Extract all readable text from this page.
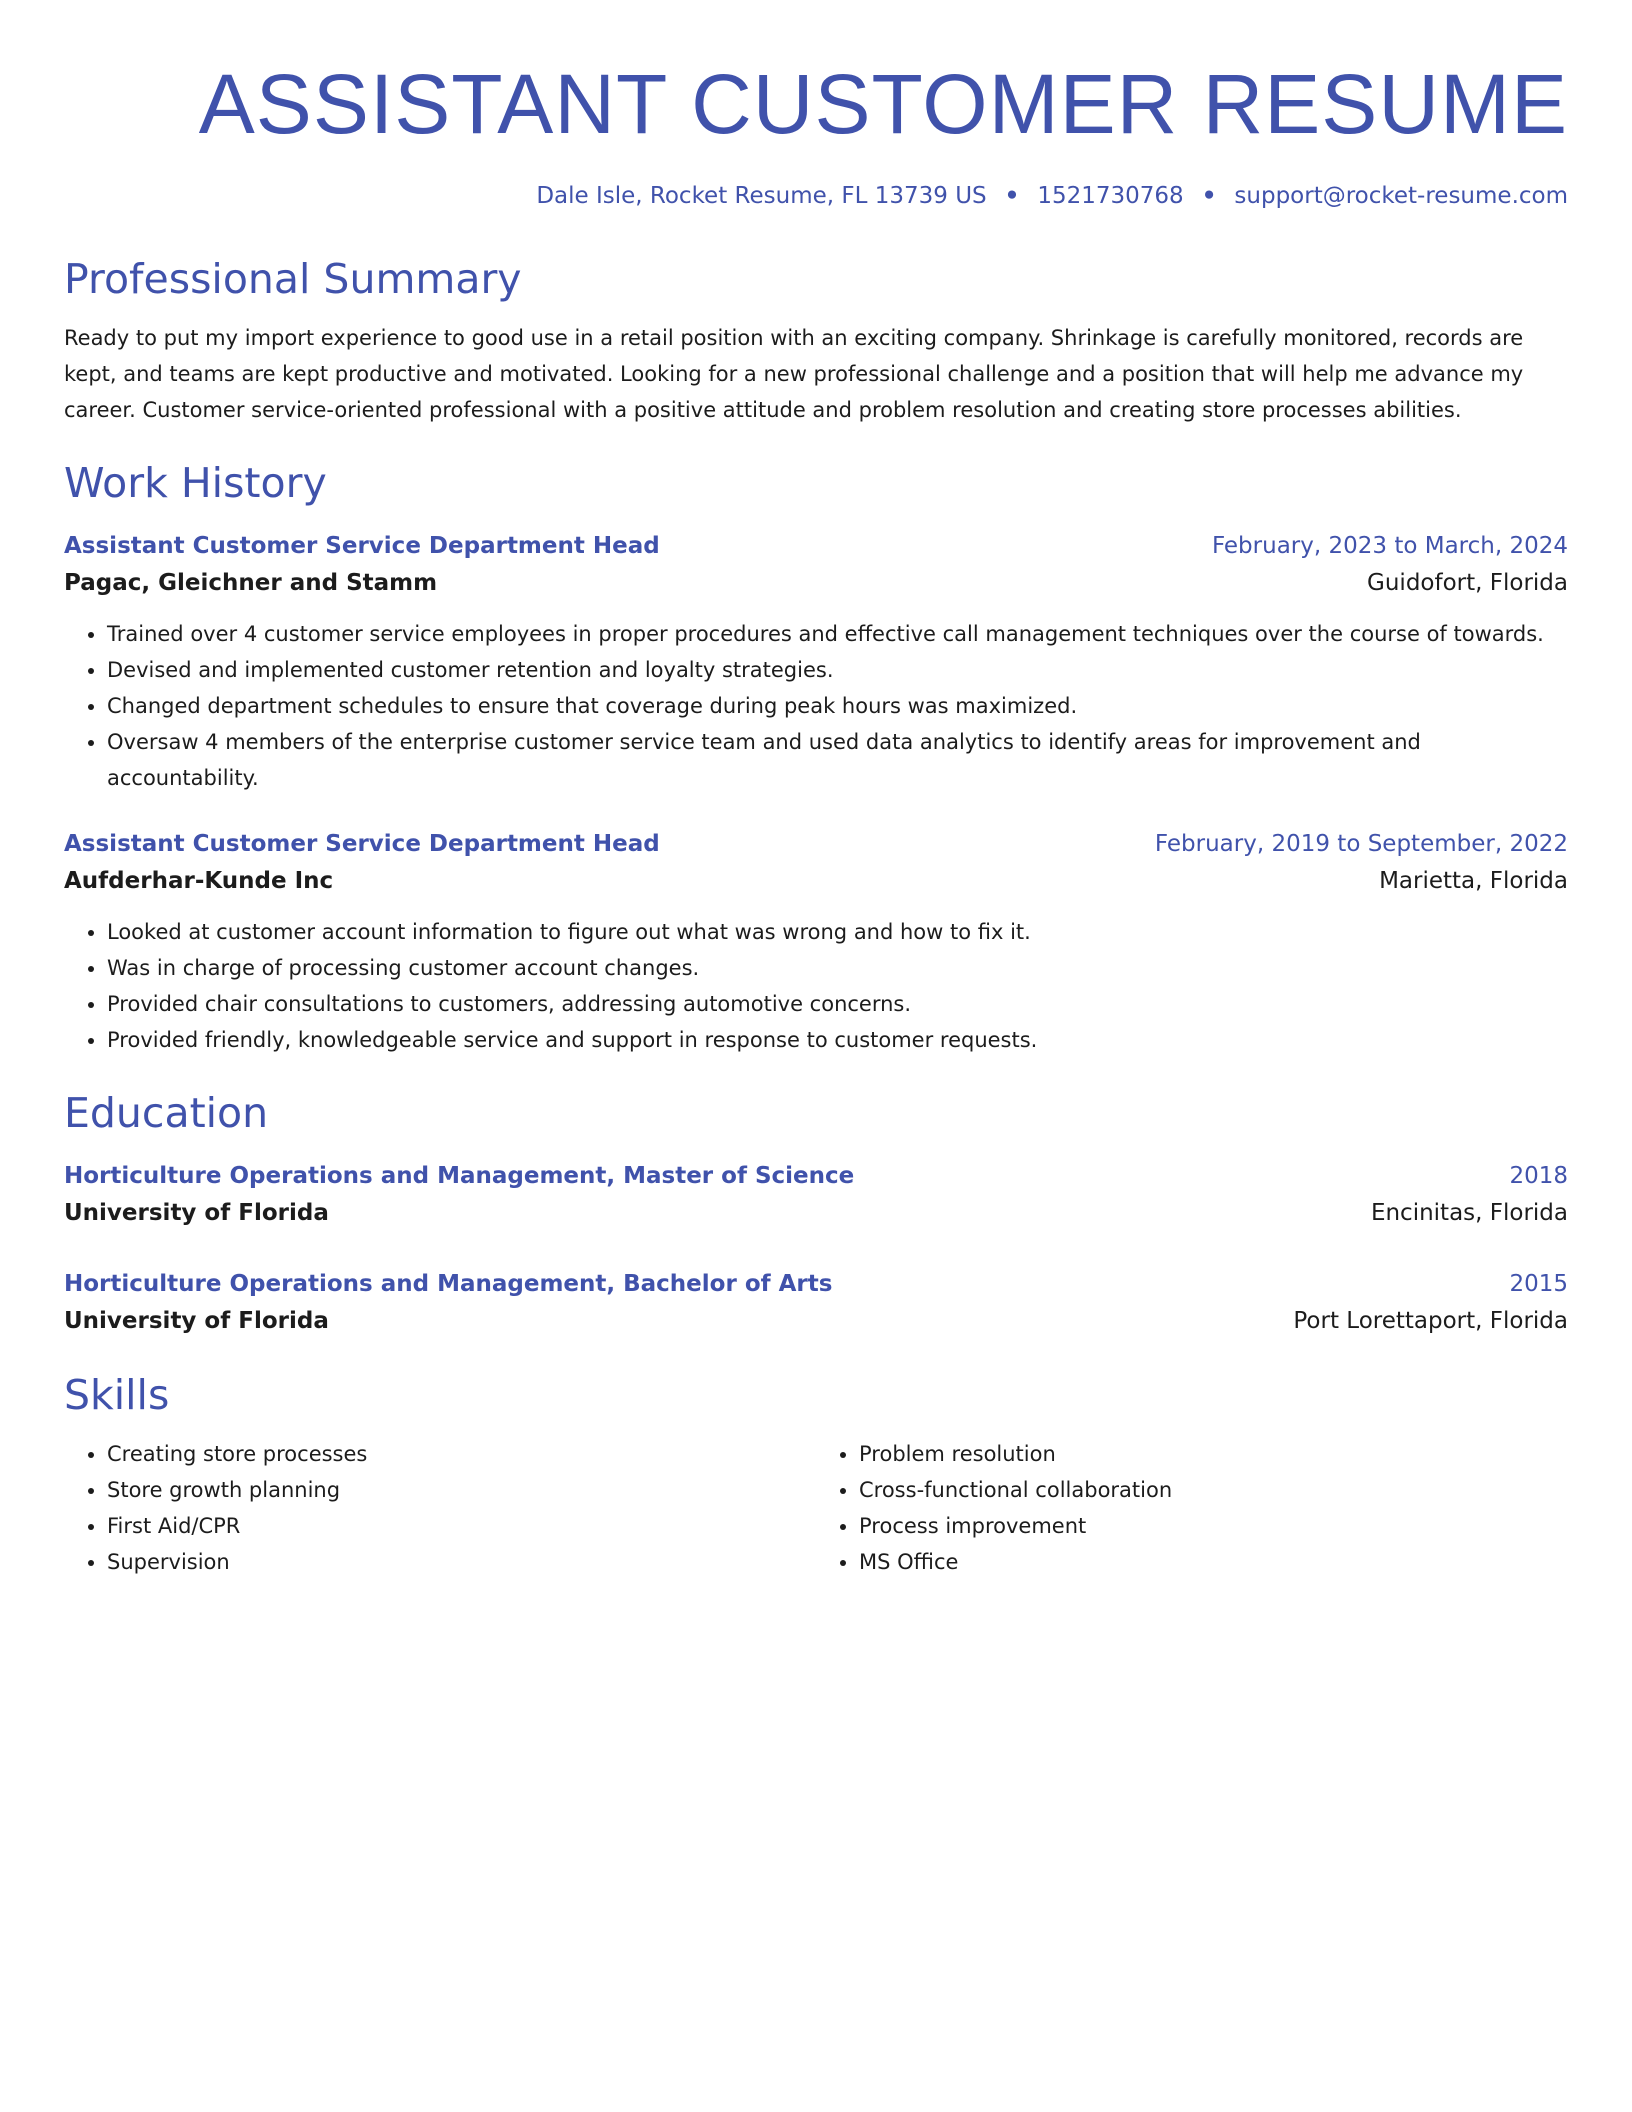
ASSISTANT CUSTOMER RESUME
Dale Isle, Rocket Resume, FL 13739 US • 1521730768 • support@rocket-resume.com
Professional Summary
Ready to put my import experience to good use in a retail position with an exciting company. Shrinkage is carefully monitored, records are kept, and teams are kept productive and motivated. Looking for a new professional challenge and a position that will help me advance my career. Customer service-oriented professional with a positive attitude and problem resolution and creating store processes abilities.
Work History
Assistant Customer Service Department Head	February, 2023 to March, 2024
Pagac, Gleichner and Stamm	Guidofort, Florida
• Trained over 4 customer service employees in proper procedures and effective call management techniques over the course of towards.
• Devised and implemented customer retention and loyalty strategies.
• Changed department schedules to ensure that coverage during peak hours was maximized.
• Oversaw 4 members of the enterprise customer service team and used data analytics to identify areas for improvement and accountability.
Assistant Customer Service Department Head	February, 2019 to September, 2022
Aufderhar-Kunde Inc	Marietta, Florida
• Looked at customer account information to figure out what was wrong and how to fix it.
• Was in charge of processing customer account changes.
• Provided chair consultations to customers, addressing automotive concerns.
• Provided friendly, knowledgeable service and support in response to customer requests.
Education
Horticulture Operations and Management, Master of Science	2018
University of Florida	Encinitas, Florida
Horticulture Operations and Management, Bachelor of Arts	2015
University of Florida	Port Lorettaport, Florida
Skills
• Creating store processes
• Store growth planning
• First Aid/CPR
• Supervision
• Problem resolution
• Cross-functional collaboration
• Process improvement
• MS Office
